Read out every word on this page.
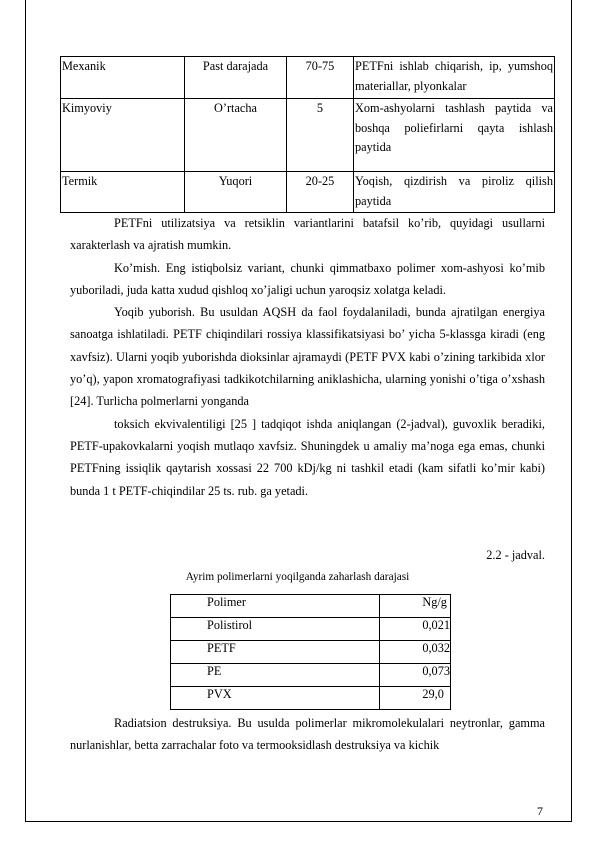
Mexanik	Past darajada	70-75	PETFni ishlab chiqarish, ip, yumshoq materiallar, plyonkalar
Kimyoviy	O’rtacha	5	Xom-ashyolarni tashlash paytida va boshqa poliefirlarni qayta ishlash paytida
Termik	Yuqori	20-25	Yoqish, qizdirish va piroliz qilish paytida

PETFni utilizatsiya va retsiklin variantlarini batafsil ko’rib, quyidagi usullarni xarakterlash va ajratish mumkin.

Ko’mish. Eng istiqbolsiz variant, chunki qimmatbaxo polimer xom-ashyosi ko’mib yuboriladi, juda katta xudud qishloq xo’jaligi uchun yaroqsiz xolatga keladi.

Yoqib yuborish. Bu usuldan AQSH da faol foydalaniladi, bunda ajratilgan energiya sanoatga ishlatiladi. PETF chiqindilari rossiya klassifikatsiyasi bo’ yicha 5-klassga kiradi (eng xavfsiz). Ularni yoqib yuborishda dioksinlar ajramaydi (PETF PVX kabi o’zining tarkibida xlor yo’q), yapon xromatografiyasi tadkikotchilarning aniklashicha, ularning yonishi o’tiga o’xshash [24]. Turlicha polmerlarni yonganda

toksich ekvivalentiligi [25 ] tadqiqot ishda aniqlangan (2-jadval), guvoxlik beradiki, PETF-upakovkalarni yoqish mutlaqo xavfsiz. Shuningdek u amaliy ma’noga ega emas, chunki PETFning issiqlik qaytarish xossasi 22 700 kDj/kg ni tashkil etadi (kam sifatli ko’mir kabi) bunda 1 t PETF-chiqindilar 25 ts. rub. ga yetadi.

2.2 - jadval.
Ayrim polimerlarni yoqilganda zaharlash darajasi
Polimer	Ng/g
Polistirol	0,021
PETF	0,032
PE	0,073
PVX	29,0

Radiatsion destruksiya. Bu usulda polimerlar mikromolekulalari neytronlar, gamma nurlanishlar, betta zarrachalar foto va termooksidlash destruksiya va kichik

7
